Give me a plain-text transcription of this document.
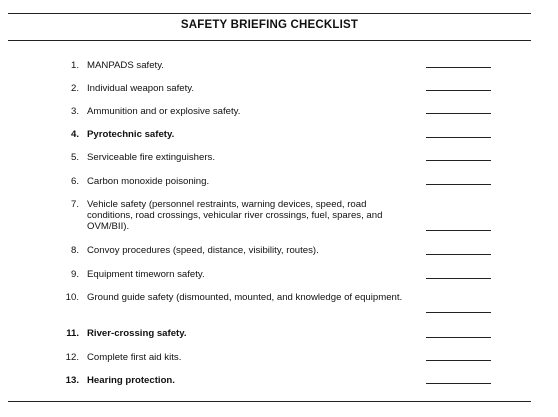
SAFETY BRIEFING CHECKLIST
1. MANPADS safety.
2. Individual weapon safety.
3. Ammunition and or explosive safety.
4. Pyrotechnic safety.
5. Serviceable fire extinguishers.
6. Carbon monoxide poisoning.
7. Vehicle safety (personnel restraints, warning devices, speed, road conditions, road crossings, vehicular river crossings, fuel, spares, and OVM/BII).
8. Convoy procedures (speed, distance, visibility, routes).
9. Equipment timeworn safety.
10. Ground guide safety (dismounted, mounted, and knowledge of equipment.
11. River-crossing safety.
12. Complete first aid kits.
13. Hearing protection.
